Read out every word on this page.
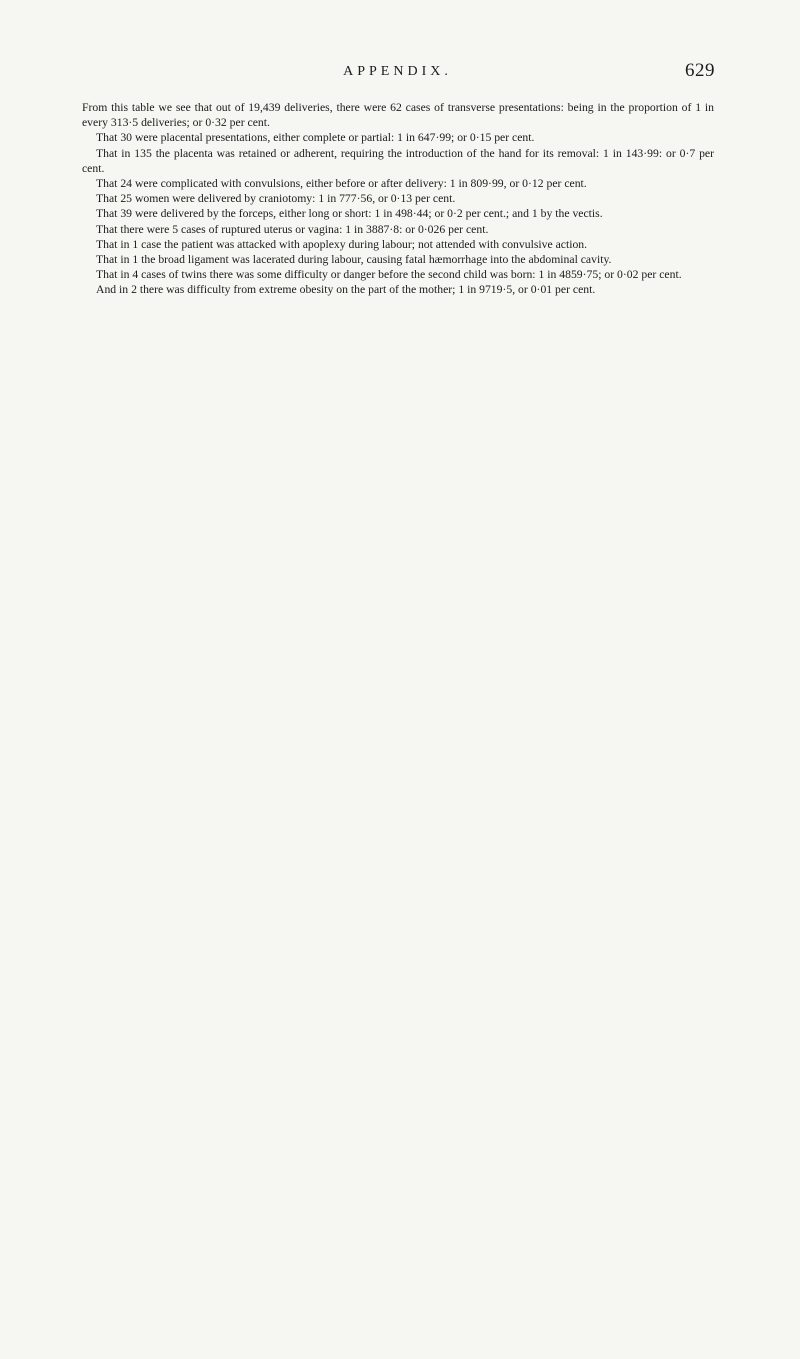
APPENDIX.	629

From this table we see that out of 19,439 deliveries, there were 62 cases of transverse presentations: being in the proportion of 1 in every 313·5 deliveries; or 0·32 per cent.

That 30 were placental presentations, either complete or partial: 1 in 647·99; or 0·15 per cent.

That in 135 the placenta was retained or adherent, requiring the introduction of the hand for its removal: 1 in 143·99: or 0·7 per cent.

That 24 were complicated with convulsions, either before or after delivery: 1 in 809·99, or 0·12 per cent.

That 25 women were delivered by craniotomy: 1 in 777·56, or 0·13 per cent.

That 39 were delivered by the forceps, either long or short: 1 in 498·44; or 0·2 per cent.; and 1 by the vectis.

That there were 5 cases of ruptured uterus or vagina: 1 in 3887·8: or 0·026 per cent.

That in 1 case the patient was attacked with apoplexy during labour; not attended with convulsive action.

That in 1 the broad ligament was lacerated during labour, causing fatal hæmorrhage into the abdominal cavity.

That in 4 cases of twins there was some difficulty or danger before the second child was born: 1 in 4859·75; or 0·02 per cent.

And in 2 there was difficulty from extreme obesity on the part of the mother; 1 in 9719·5, or 0·01 per cent.
